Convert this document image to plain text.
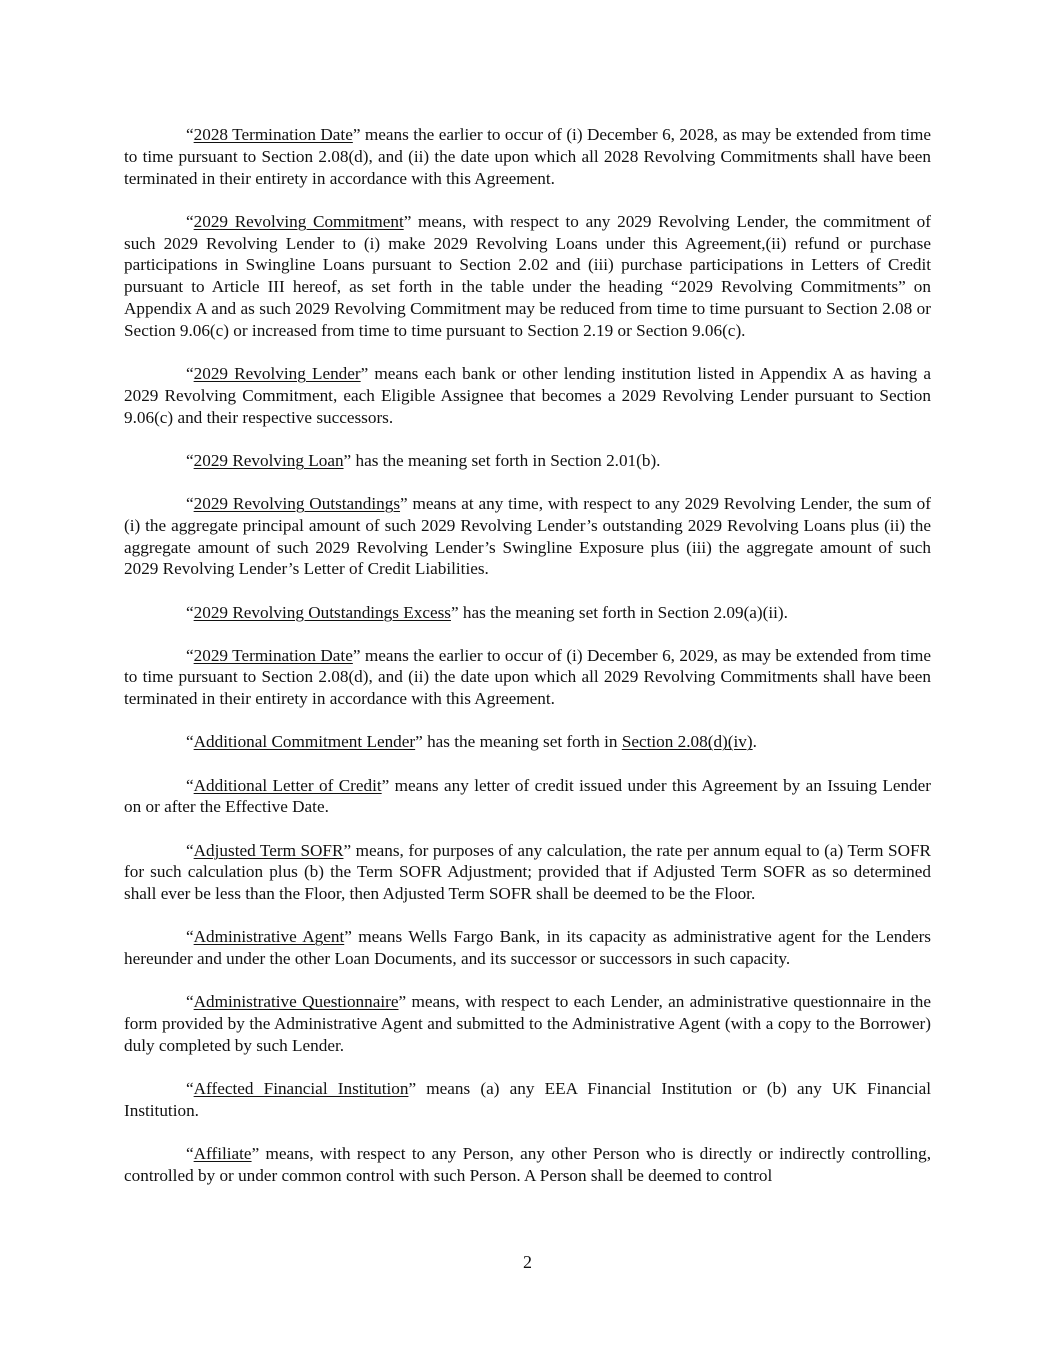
“2028 Termination Date” means the earlier to occur of (i) December 6, 2028, as may be extended from time to time pursuant to Section 2.08(d), and (ii) the date upon which all 2028 Revolving Commitments shall have been terminated in their entirety in accordance with this Agreement.

“2029 Revolving Commitment” means, with respect to any 2029 Revolving Lender, the commitment of such 2029 Revolving Lender to (i) make 2029 Revolving Loans under this Agreement,(ii) refund or purchase participations in Swingline Loans pursuant to Section 2.02 and (iii) purchase participations in Letters of Credit pursuant to Article III hereof, as set forth in the table under the heading “2029 Revolving Commitments” on Appendix A and as such 2029 Revolving Commitment may be reduced from time to time pursuant to Section 2.08 or Section 9.06(c) or increased from time to time pursuant to Section 2.19 or Section 9.06(c).

“2029 Revolving Lender” means each bank or other lending institution listed in Appendix A as having a 2029 Revolving Commitment, each Eligible Assignee that becomes a 2029 Revolving Lender pursuant to Section 9.06(c) and their respective successors.

“2029 Revolving Loan” has the meaning set forth in Section 2.01(b).

“2029 Revolving Outstandings” means at any time, with respect to any 2029 Revolving Lender, the sum of (i) the aggregate principal amount of such 2029 Revolving Lender’s outstanding 2029 Revolving Loans plus (ii) the aggregate amount of such 2029 Revolving Lender’s Swingline Exposure plus (iii) the aggregate amount of such 2029 Revolving Lender’s Letter of Credit Liabilities.

“2029 Revolving Outstandings Excess” has the meaning set forth in Section 2.09(a)(ii).

“2029 Termination Date” means the earlier to occur of (i) December 6, 2029, as may be extended from time to time pursuant to Section 2.08(d), and (ii) the date upon which all 2029 Revolving Commitments shall have been terminated in their entirety in accordance with this Agreement.

“Additional Commitment Lender” has the meaning set forth in Section 2.08(d)(iv).

“Additional Letter of Credit” means any letter of credit issued under this Agreement by an Issuing Lender on or after the Effective Date.

“Adjusted Term SOFR” means, for purposes of any calculation, the rate per annum equal to (a) Term SOFR for such calculation plus (b) the Term SOFR Adjustment; provided that if Adjusted Term SOFR as so determined shall ever be less than the Floor, then Adjusted Term SOFR shall be deemed to be the Floor.

“Administrative Agent” means Wells Fargo Bank, in its capacity as administrative agent for the Lenders hereunder and under the other Loan Documents, and its successor or successors in such capacity.

“Administrative Questionnaire” means, with respect to each Lender, an administrative questionnaire in the form provided by the Administrative Agent and submitted to the Administrative Agent (with a copy to the Borrower) duly completed by such Lender.

“Affected Financial Institution” means (a) any EEA Financial Institution or (b) any UK Financial Institution.

“Affiliate” means, with respect to any Person, any other Person who is directly or indirectly controlling, controlled by or under common control with such Person. A Person shall be deemed to control

2
